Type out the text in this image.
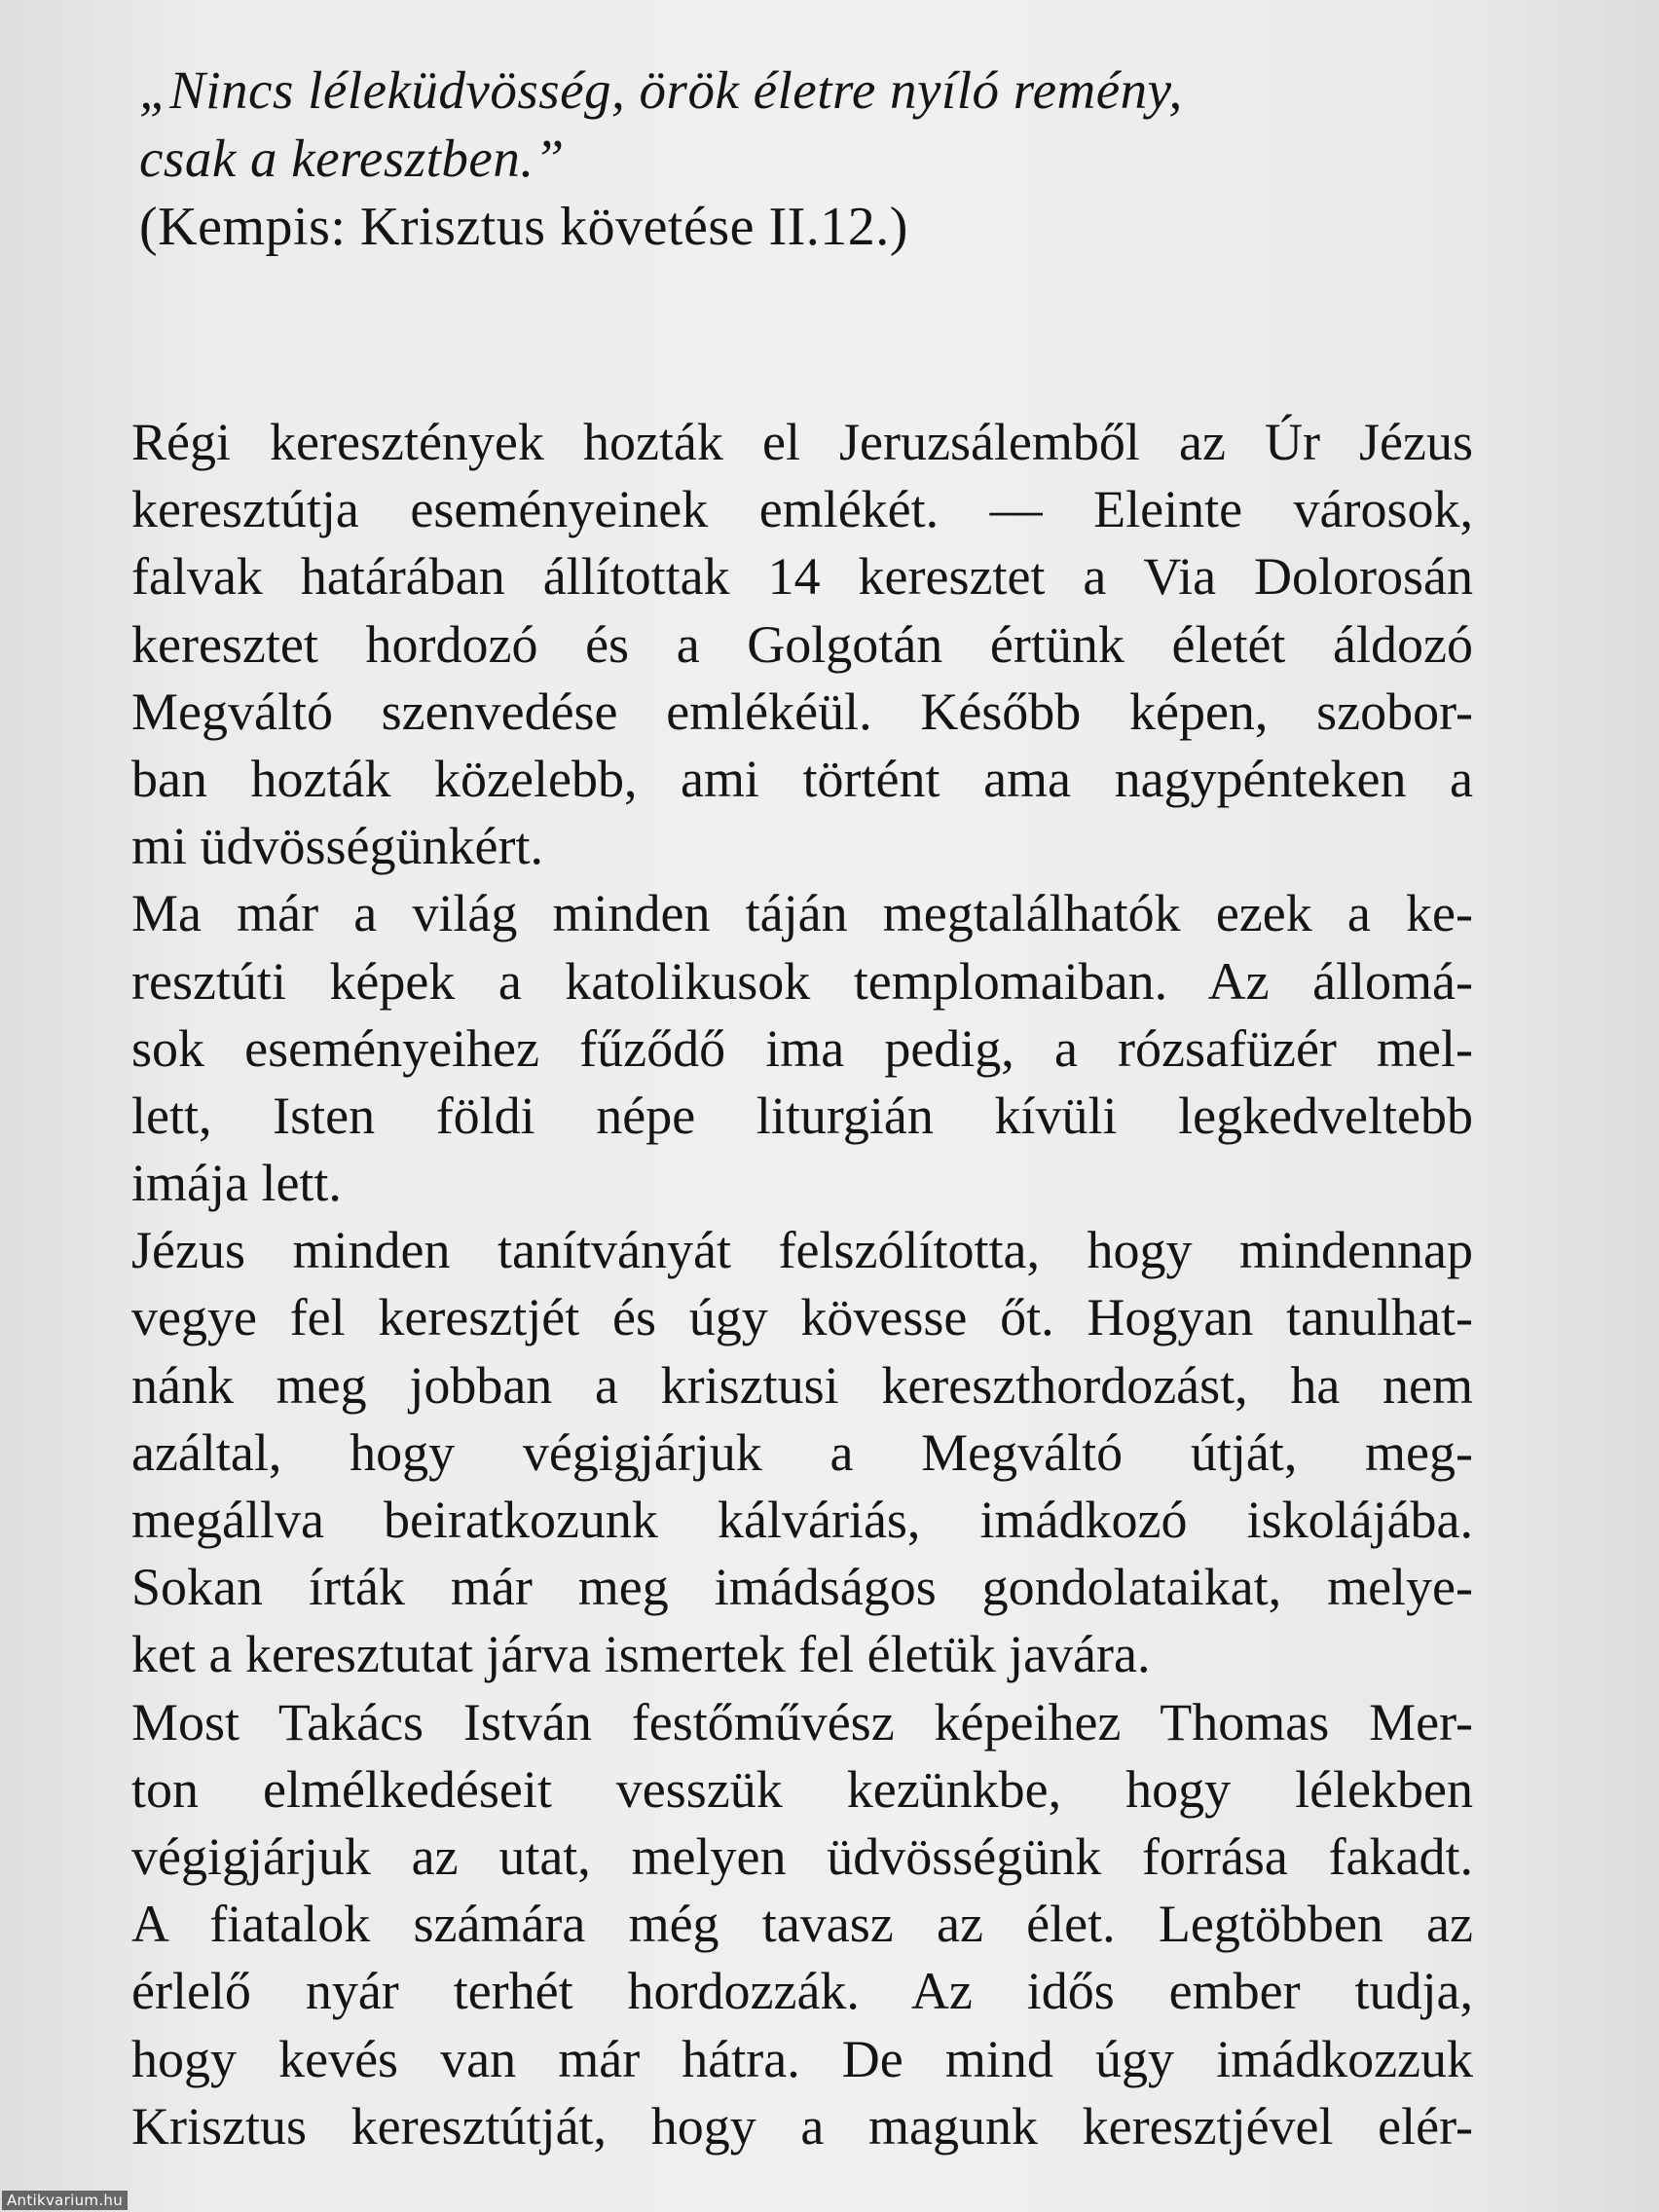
„Nincs léleküdvösség, örök életre nyíló remény,
csak a keresztben.”
(Kempis: Krisztus követése II.12.)
Régi keresztények hozták el Jeruzsálemből az Úr Jézus
keresztútja eseményeinek emlékét. — Eleinte városok,
falvak határában állítottak 14 keresztet a Via Dolorosán
keresztet hordozó és a Golgotán értünk életét áldozó
Megváltó szenvedése emlékéül. Később képen, szobor-
ban hozták közelebb, ami történt ama nagypénteken a
mi üdvösségünkért.
Ma már a világ minden táján megtalálhatók ezek a ke-
resztúti képek a katolikusok templomaiban. Az állomá-
sok eseményeihez fűződő ima pedig, a rózsafüzér mel-
lett, Isten földi népe liturgián kívüli legkedveltebb
imája lett.
Jézus minden tanítványát felszólította, hogy mindennap
vegye fel keresztjét és úgy kövesse őt. Hogyan tanulhat-
nánk meg jobban a krisztusi kereszthordozást, ha nem
azáltal, hogy végigjárjuk a Megváltó útját, meg-
megállva beiratkozunk kálváriás, imádkozó iskolájába.
Sokan írták már meg imádságos gondolataikat, melye-
ket a keresztutat járva ismertek fel életük javára.
Most Takács István festőművész képeihez Thomas Mer-
ton elmélkedéseit vesszük kezünkbe, hogy lélekben
végigjárjuk az utat, melyen üdvösségünk forrása fakadt.
A fiatalok számára még tavasz az élet. Legtöbben az
érlelő nyár terhét hordozzák. Az idős ember tudja,
hogy kevés van már hátra. De mind úgy imádkozzuk
Krisztus keresztútját, hogy a magunk keresztjével elér-
Antikvarium.hu
